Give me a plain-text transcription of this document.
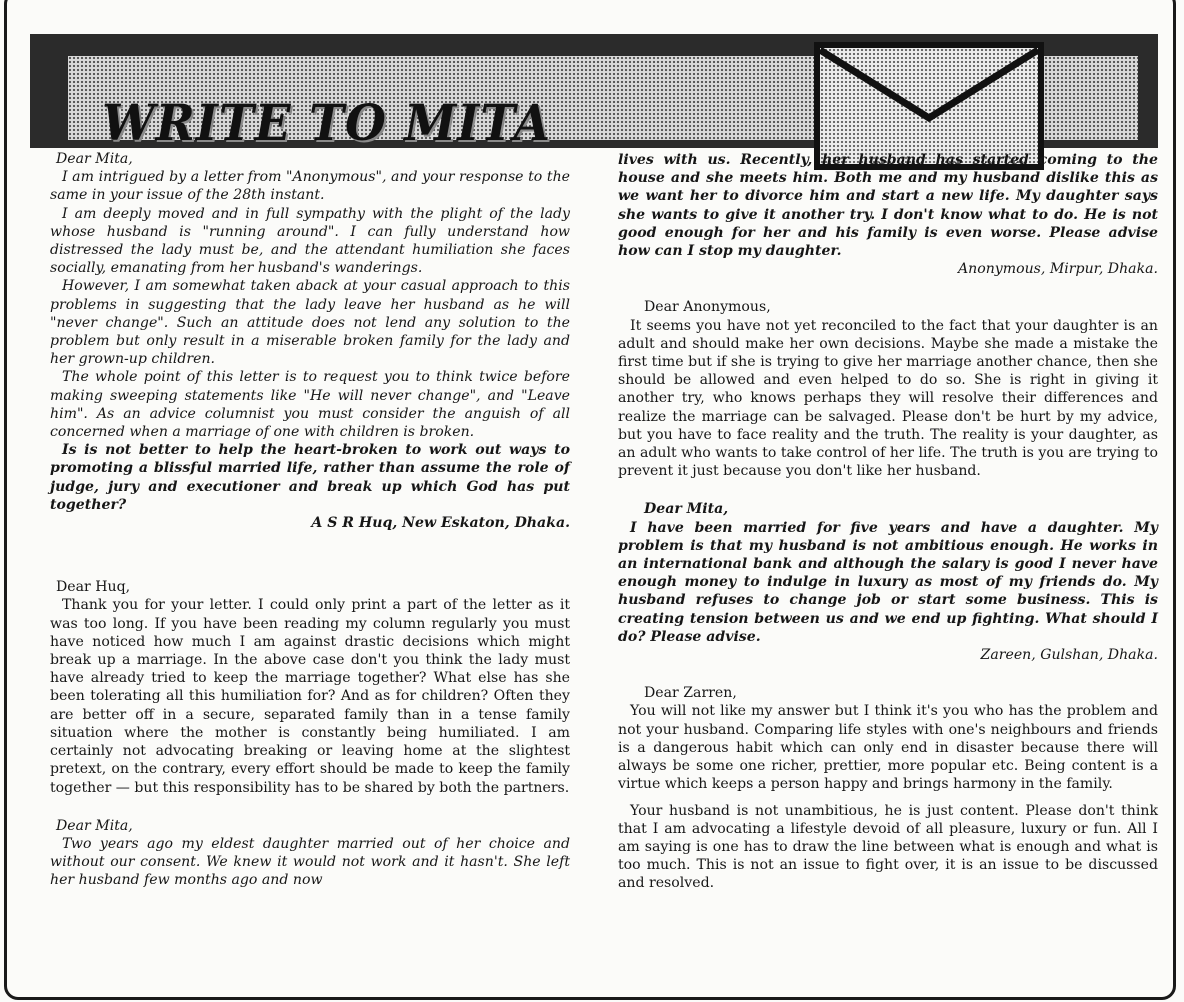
WRITE TO MITA

Dear Mita,

I am intrigued by a letter from "Anonymous", and your response to the same in your issue of the 28th instant.

I am deeply moved and in full sympathy with the plight of the lady whose husband is "running around". I can fully understand how distressed the lady must be, and the attendant humiliation she faces socially, emanating from her husband's wanderings.

However, I am somewhat taken aback at your casual approach to this problems in suggesting that the lady leave her husband as he will "never change". Such an attitude does not lend any solution to the problem but only result in a miserable broken family for the lady and her grown-up children.

The whole point of this letter is to request you to think twice before making sweeping statements like "He will never change", and "Leave him". As an advice columnist you must consider the anguish of all concerned when a marriage of one with children is broken.

Is is not better to help the heart-broken to work out ways to promoting a blissful married life, rather than assume the role of judge, jury and executioner and break up which God has put together?

A S R Huq, New Eskaton, Dhaka.

Dear Huq,

Thank you for your letter. I could only print a part of the letter as it was too long. If you have been reading my column regularly you must have noticed how much I am against drastic decisions which might break up a marriage. In the above case don't you think the lady must have already tried to keep the marriage together? What else has she been tolerating all this humiliation for? And as for children? Often they are better off in a secure, separated family than in a tense family situation where the mother is constantly being humiliated. I am certainly not advocating breaking or leaving home at the slightest pretext, on the contrary, every effort should be made to keep the family together — but this responsibility has to be shared by both the partners.

Dear Mita,

Two years ago my eldest daughter married out of her choice and without our consent. We knew it would not work and it hasn't. She left her husband few months ago and now

lives with us. Recently, her husband has started coming to the house and she meets him. Both me and my husband dislike this as we want her to divorce him and start a new life. My daughter says she wants to give it another try. I don't know what to do. He is not good enough for her and his family is even worse. Please advise how can I stop my daughter.

Anonymous, Mirpur, Dhaka.

Dear Anonymous,

It seems you have not yet reconciled to the fact that your daughter is an adult and should make her own decisions. Maybe she made a mistake the first time but if she is trying to give her marriage another chance, then she should be allowed and even helped to do so. She is right in giving it another try, who knows perhaps they will resolve their differences and realize the marriage can be salvaged. Please don't be hurt by my advice, but you have to face reality and the truth. The reality is your daughter, as an adult who wants to take control of her life. The truth is you are trying to prevent it just because you don't like her husband.

Dear Mita,

I have been married for five years and have a daughter. My problem is that my husband is not ambitious enough. He works in an international bank and although the salary is good I never have enough money to indulge in luxury as most of my friends do. My husband refuses to change job or start some business. This is creating tension between us and we end up fighting. What should I do? Please advise.

Zareen, Gulshan, Dhaka.

Dear Zarren,

You will not like my answer but I think it's you who has the problem and not your husband. Comparing life styles with one's neighbours and friends is a dangerous habit which can only end in disaster because there will always be some one richer, prettier, more popular etc. Being content is a virtue which keeps a person happy and brings harmony in the family.

Your husband is not unambitious, he is just content. Please don't think that I am advocating a lifestyle devoid of all pleasure, luxury or fun. All I am saying is one has to draw the line between what is enough and what is too much. This is not an issue to fight over, it is an issue to be discussed and resolved.
